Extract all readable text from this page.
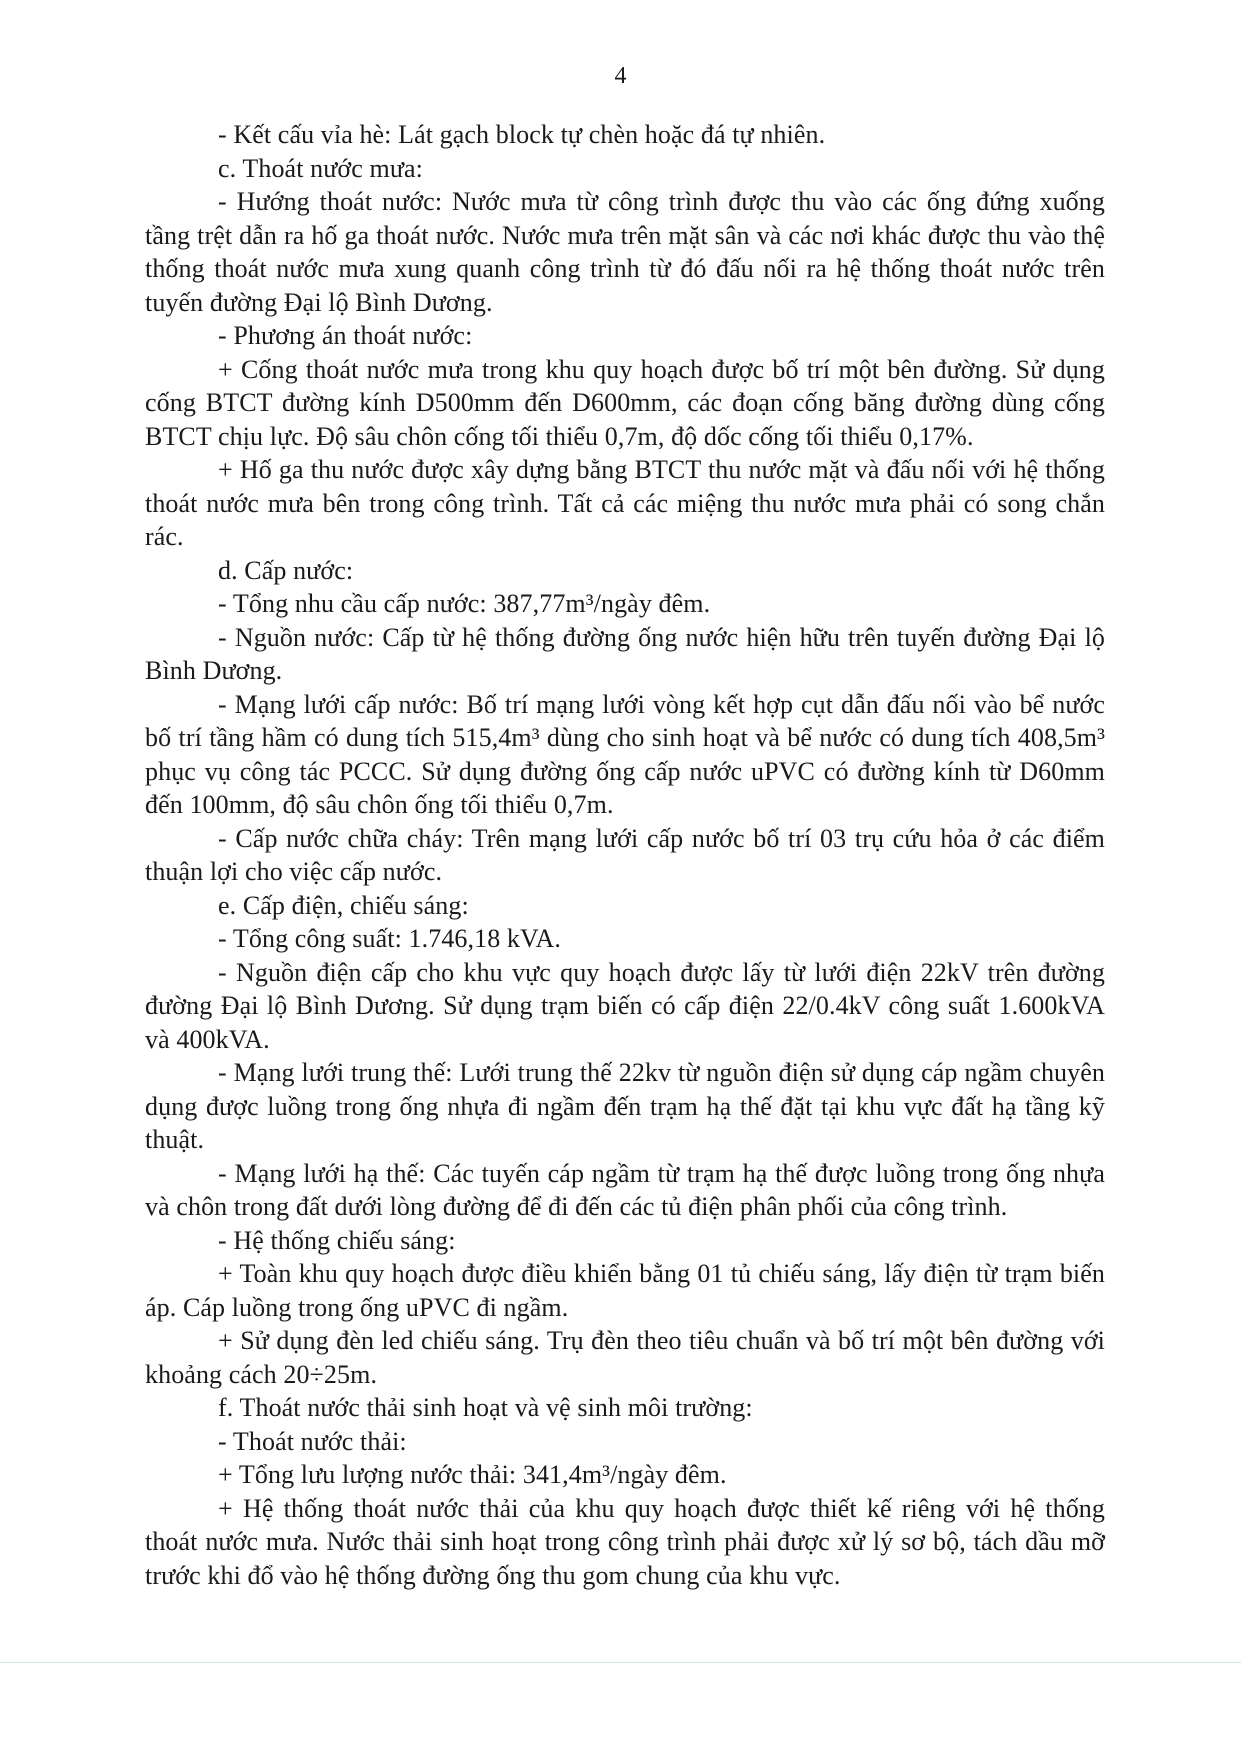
4

- Kết cấu vỉa hè: Lát gạch block tự chèn hoặc đá tự nhiên.

c. Thoát nước mưa:

- Hướng thoát nước: Nước mưa từ công trình được thu vào các ống đứng xuống tầng trệt dẫn ra hố ga thoát nước. Nước mưa trên mặt sân và các nơi khác được thu vào thệ thống thoát nước mưa xung quanh công trình từ đó đấu nối ra hệ thống thoát nước trên tuyến đường Đại lộ Bình Dương.

- Phương án thoát nước:

+ Cống thoát nước mưa trong khu quy hoạch được bố trí một bên đường. Sử dụng cống BTCT đường kính D500mm đến D600mm, các đoạn cống băng đường dùng cống BTCT chịu lực. Độ sâu chôn cống tối thiểu 0,7m, độ dốc cống tối thiểu 0,17%.

+ Hố ga thu nước được xây dựng bằng BTCT thu nước mặt và đấu nối với hệ thống thoát nước mưa bên trong công trình. Tất cả các miệng thu nước mưa phải có song chắn rác.

d. Cấp nước:

- Tổng nhu cầu cấp nước: 387,77m³/ngày đêm.

- Nguồn nước: Cấp từ hệ thống đường ống nước hiện hữu trên tuyến đường Đại lộ Bình Dương.

- Mạng lưới cấp nước: Bố trí mạng lưới vòng kết hợp cụt dẫn đấu nối vào bể nước bố trí tầng hầm có dung tích 515,4m³ dùng cho sinh hoạt và bể nước có dung tích 408,5m³ phục vụ công tác PCCC. Sử dụng đường ống cấp nước uPVC có đường kính từ D60mm đến 100mm, độ sâu chôn ống tối thiểu 0,7m.

- Cấp nước chữa cháy: Trên mạng lưới cấp nước bố trí 03 trụ cứu hỏa ở các điểm thuận lợi cho việc cấp nước.

e. Cấp điện, chiếu sáng:

- Tổng công suất: 1.746,18 kVA.

- Nguồn điện cấp cho khu vực quy hoạch được lấy từ lưới điện 22kV trên đường đường Đại lộ Bình Dương. Sử dụng trạm biến có cấp điện 22/0.4kV công suất 1.600kVA và 400kVA.

- Mạng lưới trung thế: Lưới trung thế 22kv từ nguồn điện sử dụng cáp ngầm chuyên dụng được luồng trong ống nhựa đi ngầm đến trạm hạ thế đặt tại khu vực đất hạ tầng kỹ thuật.

- Mạng lưới hạ thế: Các tuyến cáp ngầm từ trạm hạ thế được luồng trong ống nhựa và chôn trong đất dưới lòng đường để đi đến các tủ điện phân phối của công trình.

- Hệ thống chiếu sáng:

+ Toàn khu quy hoạch được điều khiển bằng 01 tủ chiếu sáng, lấy điện từ trạm biến áp. Cáp luồng trong ống uPVC đi ngầm.

+ Sử dụng đèn led chiếu sáng. Trụ đèn theo tiêu chuẩn và bố trí một bên đường với khoảng cách 20÷25m.

f. Thoát nước thải sinh hoạt và vệ sinh môi trường:

- Thoát nước thải:

+ Tổng lưu lượng nước thải: 341,4m³/ngày đêm.

+ Hệ thống thoát nước thải của khu quy hoạch được thiết kế riêng với hệ thống thoát nước mưa. Nước thải sinh hoạt trong công trình phải được xử lý sơ bộ, tách dầu mỡ trước khi đổ vào hệ thống đường ống thu gom chung của khu vực.
